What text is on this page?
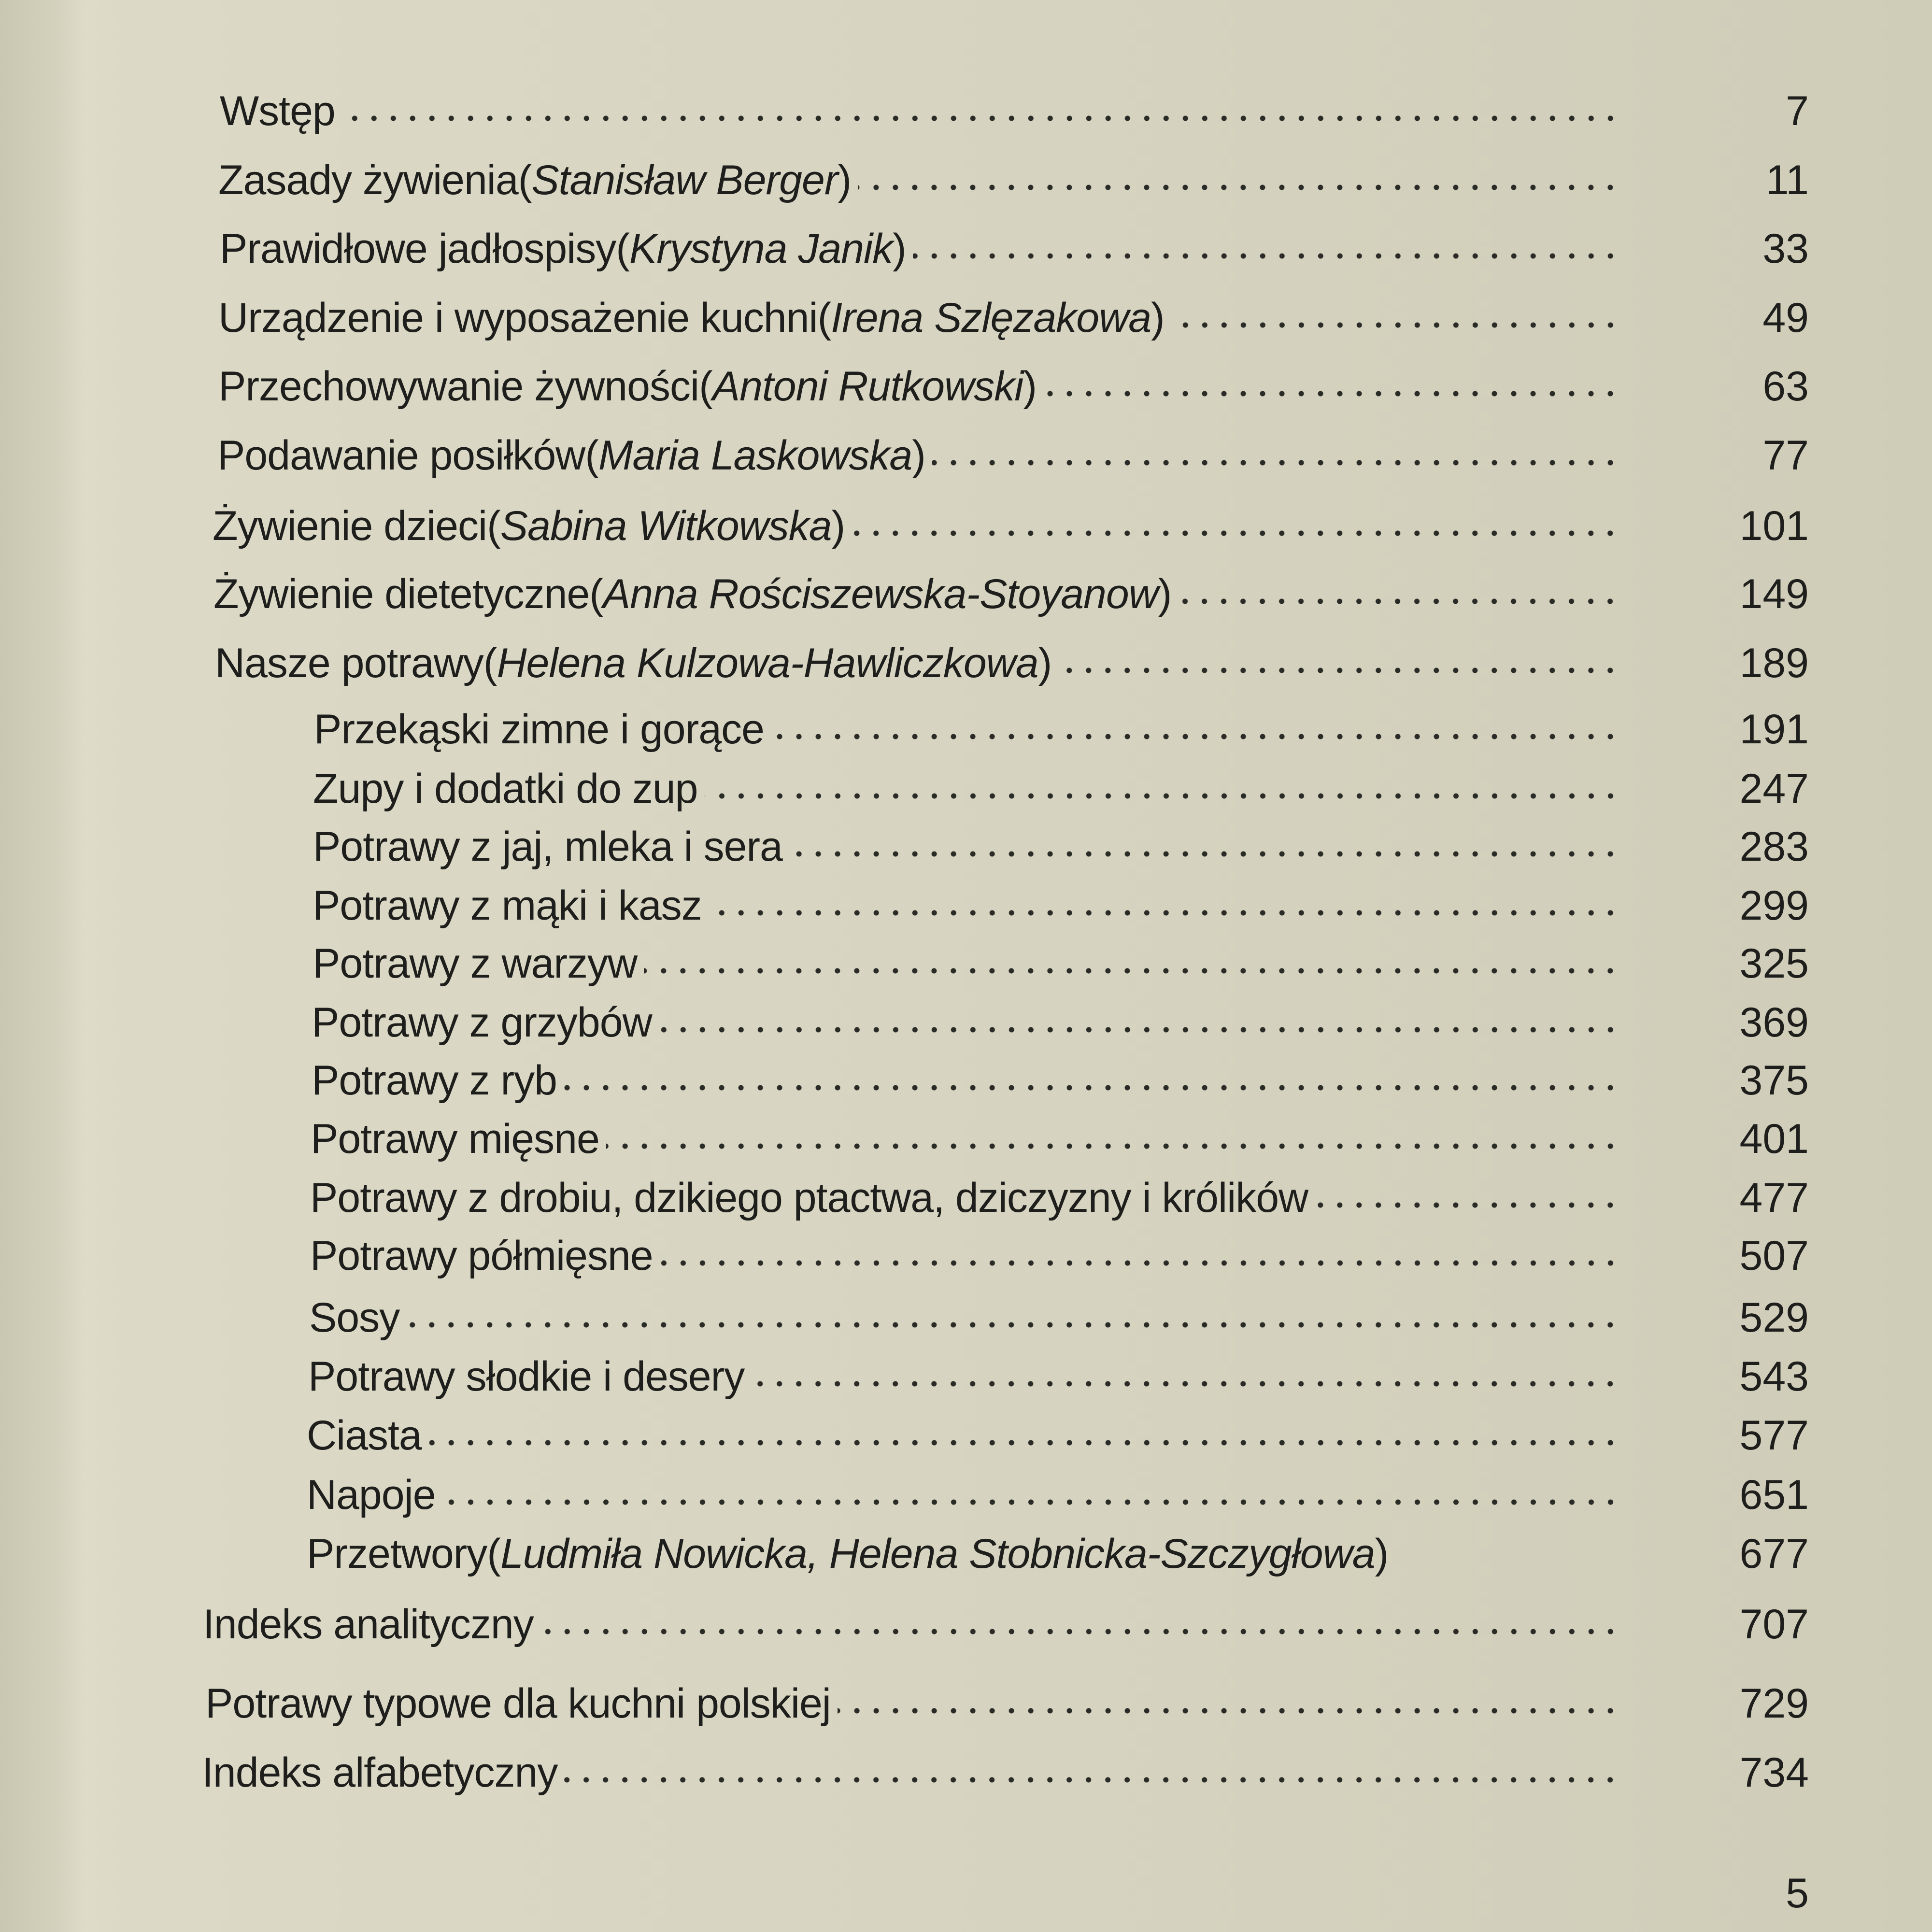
Wstęp	7
Zasady żywienia ( Stanisław Berger )	11
Prawidłowe jadłospisy ( Krystyna Janik )	33
Urządzenie i wyposażenie kuchni ( Irena Szlęzakowa )	49
Przechowywanie żywności ( Antoni Rutkowski )	63
Podawanie posiłków ( Maria Laskowska )	77
Żywienie dzieci ( Sabina Witkowska )	101
Żywienie dietetyczne ( Anna Rościszewska-Stoyanow )	149
Nasze potrawy ( Helena Kulzowa-Hawliczkowa )	189
Przekąski zimne i gorące	191
Zupy i dodatki do zup	247
Potrawy z jaj, mleka i sera	283
Potrawy z mąki i kasz	299
Potrawy z warzyw	325
Potrawy z grzybów	369
Potrawy z ryb	375
Potrawy mięsne	401
Potrawy z drobiu, dzikiego ptactwa, dziczyzny i królików	477
Potrawy półmięsne	507
Sosy	529
Potrawy słodkie i desery	543
Ciasta	577
Napoje	651
Przetwory ( Ludmiła Nowicka, Helena Stobnicka-Szczygłowa )	677
Indeks analityczny	707
Potrawy typowe dla kuchni polskiej	729
Indeks alfabetyczny	734
5
